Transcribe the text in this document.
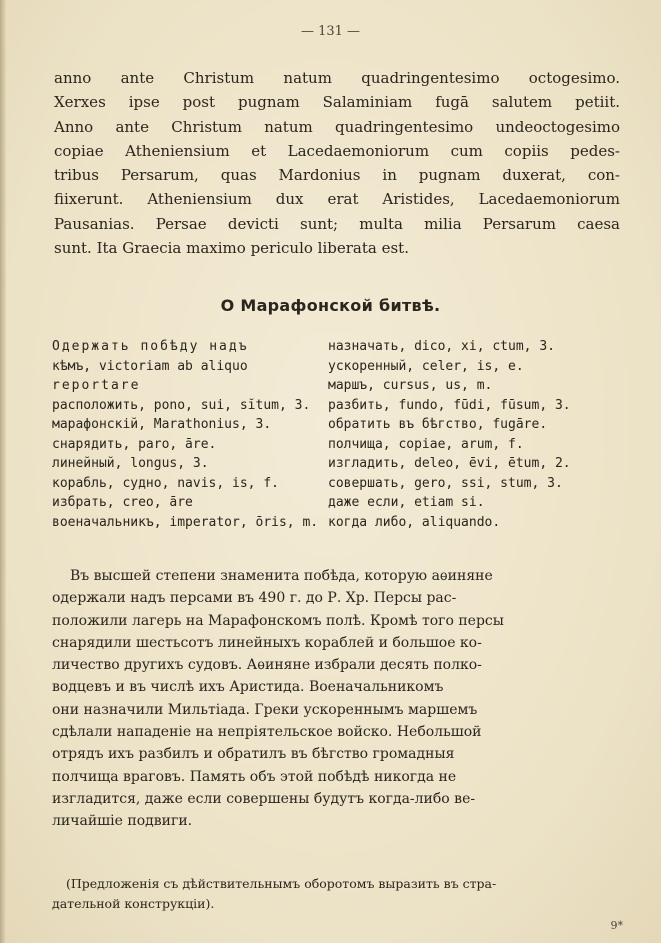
— 131 —

anno ante Christum natum quadringentesimo octogesimo.

Xerxes ipse post pugnam Salaminiam fugā salutem petiit.

Anno ante Christum natum quadringentesimo undeoctogesimo

copiae Atheniensium et Lacedaemoniorum cum copiis pedes-

tribus Persarum, quas Mardonius in pugnam duxerat, con-

fiixerunt. Atheniensium dux erat Aristides, Lacedaemoniorum

Pausanias. Persae devicti sunt; multa milia Persarum caesa

sunt. Ita Graecia maximo periculo liberata est.

О Марафонской битвѣ.
Одержать побѣду надъ
кѣмъ, victoriam ab aliquo
reportare
расположить, pono, sui, sĭtum, 3.
марафонскій, Marathonius, 3.
снарядить, paro, āre.
линейный, longus, 3.
корабль, судно, navis, is, f.
избрать, creo, āre
военачальникъ, imperator, ōris, m.
назначать, dico, xi, ctum, 3.
ускоренный, celer, is, e.
маршъ, cursus, us, m.
разбить, fundo, fūdi, fūsum, 3.
обратить въ бѣгство, fugāre.
полчища, copiae, arum, f.
изгладить, deleo, ēvi, ētum, 2.
совершать, gero, ssi, stum, 3.
даже если, etiam si.
когда либо, aliquando.

Въ высшей степени знаменита побѣда, которую аѳиняне

одержали надъ персами въ 490 г. до Р. Хр. Персы рас-

положили лагерь на Марафонскомъ полѣ. Кромѣ того персы

снарядили шестьсотъ линейныхъ кораблей и большое ко-

личество другихъ судовъ. Аѳиняне избрали десять полко-

водцевъ и въ числѣ ихъ Аристида. Военачальникомъ

они назначили Мильтіада. Греки ускореннымъ маршемъ

сдѣлали нападеніе на непріятельское войско. Небольшой

отрядъ ихъ разбилъ и обратилъ въ бѣгство громадныя

полчища враговъ. Память объ этой побѣдѣ никогда не

изгладится, даже если совершены будутъ когда-либо ве-

личайшіе подвиги.

(Предложенія съ дѣйствительнымъ оборотомъ выразить въ стра-

дательной конструкціи).

9*
